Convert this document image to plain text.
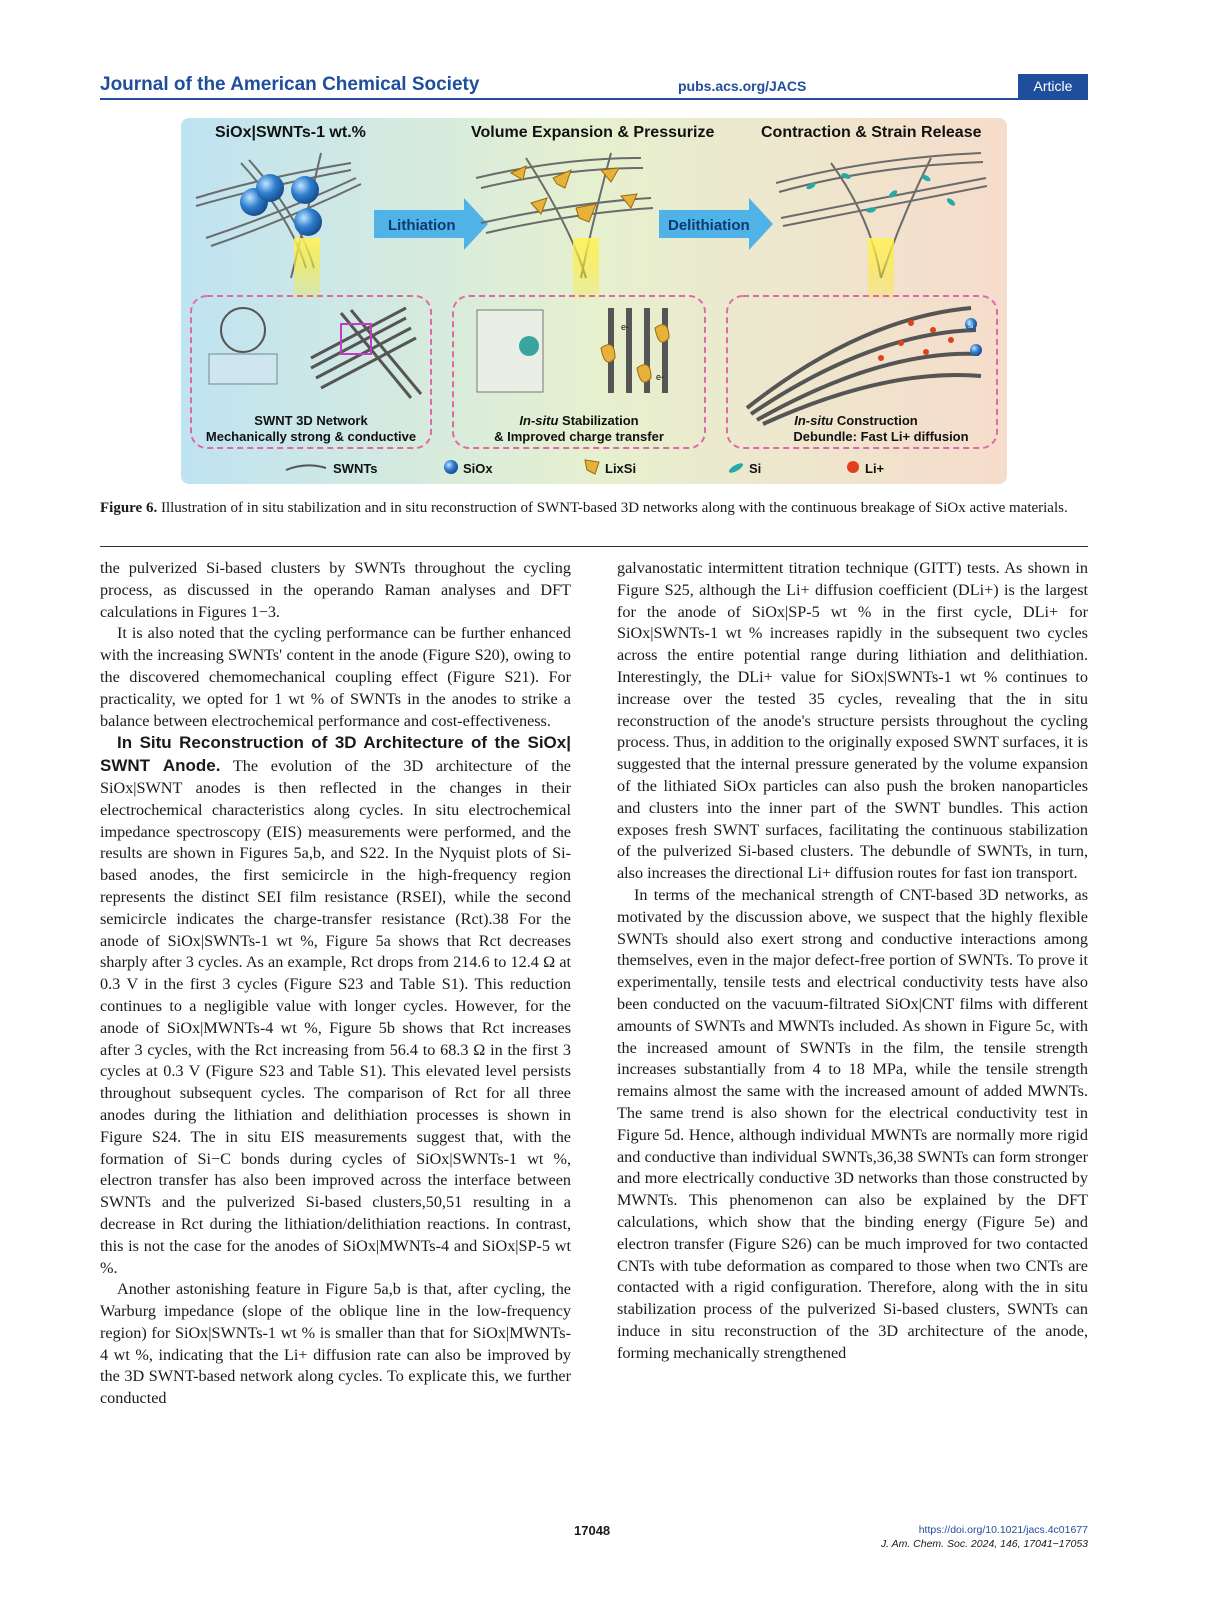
Journal of the American Chemical Society	pubs.acs.org/JACS	Article
SiOx|SWNTs-1 wt.%	Volume Expansion & Pressurize	Contraction & Strain Release
Lithiation	Delithiation
SWNT 3D Network
Mechanically strong & conductive
e-
e-
In-situ Stabilization
& Improved charge transfer
Si
In-situ Construction
Debundle: Fast Li+ diffusion
SWNTs	SiOx	LixSi	Si	Li+
Figure 6. Illustration of in situ stabilization and in situ reconstruction of SWNT-based 3D networks along with the continuous breakage of SiOx active materials.

the pulverized Si-based clusters by SWNTs throughout the cycling process, as discussed in the operando Raman analyses and DFT calculations in Figures 1−3.

It is also noted that the cycling performance can be further enhanced with the increasing SWNTs' content in the anode (Figure S20), owing to the discovered chemomechanical coupling effect (Figure S21). For practicality, we opted for 1 wt % of SWNTs in the anodes to strike a balance between electrochemical performance and cost-effectiveness.

In Situ Reconstruction of 3D Architecture of the SiOx| SWNT Anode. The evolution of the 3D architecture of the SiOx|SWNT anodes is then reflected in the changes in their electrochemical characteristics along cycles. In situ electrochemical impedance spectroscopy (EIS) measurements were performed, and the results are shown in Figures 5a,b, and S22. In the Nyquist plots of Si-based anodes, the first semicircle in the high-frequency region represents the distinct SEI film resistance (RSEI), while the second semicircle indicates the charge-transfer resistance (Rct).38 For the anode of SiOx|SWNTs-1 wt %, Figure 5a shows that Rct decreases sharply after 3 cycles. As an example, Rct drops from 214.6 to 12.4 Ω at 0.3 V in the first 3 cycles (Figure S23 and Table S1). This reduction continues to a negligible value with longer cycles. However, for the anode of SiOx|MWNTs-4 wt %, Figure 5b shows that Rct increases after 3 cycles, with the Rct increasing from 56.4 to 68.3 Ω in the first 3 cycles at 0.3 V (Figure S23 and Table S1). This elevated level persists throughout subsequent cycles. The comparison of Rct for all three anodes during the lithiation and delithiation processes is shown in Figure S24. The in situ EIS measurements suggest that, with the formation of Si−C bonds during cycles of SiOx|SWNTs-1 wt %, electron transfer has also been improved across the interface between SWNTs and the pulverized Si-based clusters,50,51 resulting in a decrease in Rct during the lithiation/delithiation reactions. In contrast, this is not the case for the anodes of SiOx|MWNTs-4 and SiOx|SP-5 wt %.

Another astonishing feature in Figure 5a,b is that, after cycling, the Warburg impedance (slope of the oblique line in the low-frequency region) for SiOx|SWNTs-1 wt % is smaller than that for SiOx|MWNTs-4 wt %, indicating that the Li+ diffusion rate can also be improved by the 3D SWNT-based network along cycles. To explicate this, we further conducted

galvanostatic intermittent titration technique (GITT) tests. As shown in Figure S25, although the Li+ diffusion coefficient (DLi+) is the largest for the anode of SiOx|SP-5 wt % in the first cycle, DLi+ for SiOx|SWNTs-1 wt % increases rapidly in the subsequent two cycles across the entire potential range during lithiation and delithiation. Interestingly, the DLi+ value for SiOx|SWNTs-1 wt % continues to increase over the tested 35 cycles, revealing that the in situ reconstruction of the anode's structure persists throughout the cycling process. Thus, in addition to the originally exposed SWNT surfaces, it is suggested that the internal pressure generated by the volume expansion of the lithiated SiOx particles can also push the broken nanoparticles and clusters into the inner part of the SWNT bundles. This action exposes fresh SWNT surfaces, facilitating the continuous stabilization of the pulverized Si-based clusters. The debundle of SWNTs, in turn, also increases the directional Li+ diffusion routes for fast ion transport.

In terms of the mechanical strength of CNT-based 3D networks, as motivated by the discussion above, we suspect that the highly flexible SWNTs should also exert strong and conductive interactions among themselves, even in the major defect-free portion of SWNTs. To prove it experimentally, tensile tests and electrical conductivity tests have also been conducted on the vacuum-filtrated SiOx|CNT films with different amounts of SWNTs and MWNTs included. As shown in Figure 5c, with the increased amount of SWNTs in the film, the tensile strength increases substantially from 4 to 18 MPa, while the tensile strength remains almost the same with the increased amount of added MWNTs. The same trend is also shown for the electrical conductivity test in Figure 5d. Hence, although individual MWNTs are normally more rigid and conductive than individual SWNTs,36,38 SWNTs can form stronger and more electrically conductive 3D networks than those constructed by MWNTs. This phenomenon can also be explained by the DFT calculations, which show that the binding energy (Figure 5e) and electron transfer (Figure S26) can be much improved for two contacted CNTs with tube deformation as compared to those when two CNTs are contacted with a rigid configuration. Therefore, along with the in situ stabilization process of the pulverized Si-based clusters, SWNTs can induce in situ reconstruction of the 3D architecture of the anode, forming mechanically strengthened

17048	https://doi.org/10.1021/jacs.4c01677
J. Am. Chem. Soc. 2024, 146, 17041−17053
